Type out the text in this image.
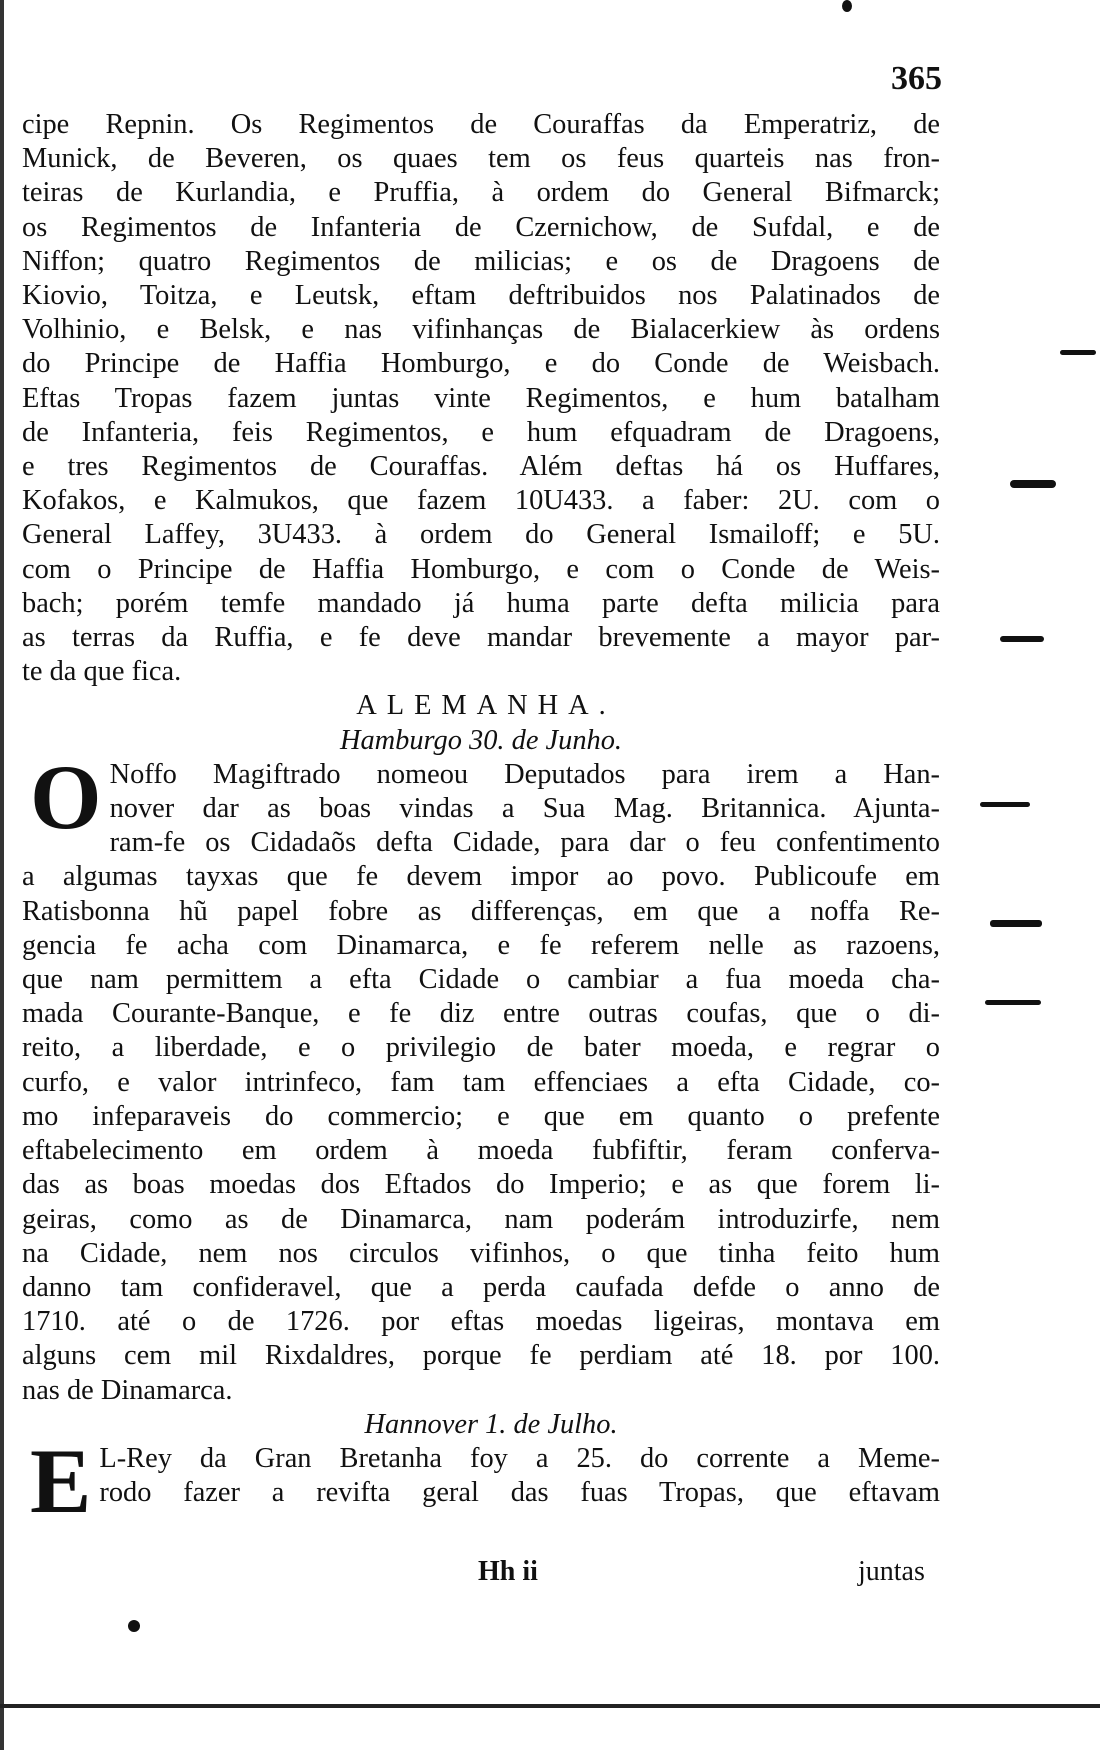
365
cipe Repnin. Os Regimentos de Couraffas da Emperatriz, de
Munick, de Beveren, os quaes tem os feus quarteis nas fron-
teiras de Kurlandia, e Pruffia, à ordem do General Bifmarck;
os Regimentos de Infanteria de Czernichow, de Sufdal, e de
Niffon; quatro Regimentos de milicias; e os de Dragoens de
Kiovio, Toitza, e Leutsk, eftam deftribuidos nos Palatinados de
Volhinio, e Belsk, e nas vifinhanças de Bialacerkiew às ordens
do Principe de Haffia Homburgo, e do Conde de Weisbach.
Eftas Tropas fazem juntas vinte Regimentos, e hum batalham
de Infanteria, feis Regimentos, e hum efquadram de Dragoens,
e tres Regimentos de Couraffas. Além deftas há os Huffares,
Kofakos, e Kalmukos, que fazem 10U433. a faber: 2U. com o
General Laffey, 3U433. à ordem do General Ismailoff; e 5U.
com o Principe de Haffia Homburgo, e com o Conde de Weis-
bach; porém temfe mandado já huma parte defta milicia para
as terras da Ruffia, e fe deve mandar brevemente a mayor par-
te da que fica.
ALEMANHA.
Hamburgo 30. de Junho.
O Noffo Magiftrado nomeou Deputados para irem a Han-
nover dar as boas vindas a Sua Mag. Britannica. Ajunta-
ram-fe os Cidadaõs defta Cidade, para dar o feu confentimento
a algumas tayxas que fe devem impor ao povo. Publicoufe em
Ratisbonna hũ papel fobre as differenças, em que a noffa Re-
gencia fe acha com Dinamarca, e fe referem nelle as razoens,
que nam permittem a efta Cidade o cambiar a fua moeda cha-
mada Courante-Banque, e fe diz entre outras coufas, que o di-
reito, a liberdade, e o privilegio de bater moeda, e regrar o
curfo, e valor intrinfeco, fam tam effenciaes a efta Cidade, co-
mo infeparaveis do commercio; e que em quanto o prefente
eftabelecimento em ordem à moeda fubfiftir, feram conferva-
das as boas moedas dos Eftados do Imperio; e as que forem li-
geiras, como as de Dinamarca, nam poderám introduzirfe, nem
na Cidade, nem nos circulos vifinhos, o que tinha feito hum
danno tam confideravel, que a perda caufada defde o anno de
1710. até o de 1726. por eftas moedas ligeiras, montava em
alguns cem mil Rixdaldres, porque fe perdiam até 18. por 100.
nas de Dinamarca.
Hannover 1. de Julho.
E L-Rey da Gran Bretanha foy a 25. do corrente a Meme-
rodo fazer a revifta geral das fuas Tropas, que eftavam
Hh ii	juntas
